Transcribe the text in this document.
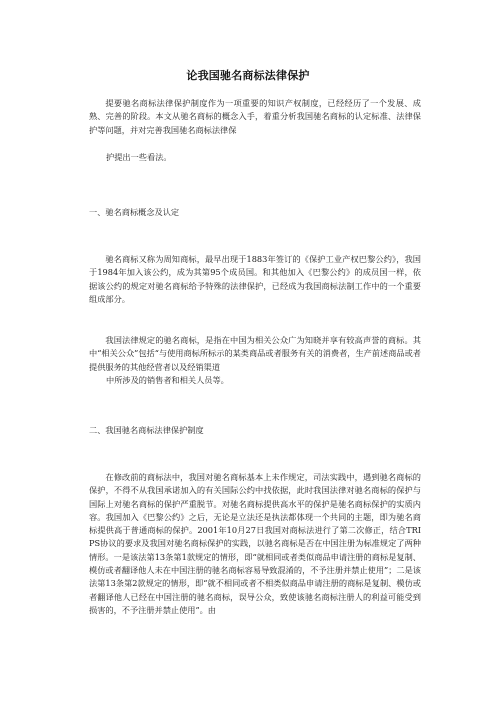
论我国驰名商标法律保护

提要驰名商标法律保护制度作为一项重要的知识产权制度，已经经历了一个发展、成熟、完善的阶段。本文从驰名商标的概念入手，着重分析我国驰名商标的认定标准、法律保护等问题，并对完善我国驰名商标法律保

护提出一些看法。

一、驰名商标概念及认定

驰名商标又称为周知商标，最早出现于1883年签订的《保护工业产权巴黎公约》，我国于1984年加入该公约，成为其第95个成员国。和其他加入《巴黎公约》的成员国一样，依据该公约的规定对驰名商标给予特殊的法律保护，已经成为我国商标法制工作中的一个重要组成部分。

我国法律规定的驰名商标，是指在中国为相关公众广为知晓并享有较高声誉的商标。其中“相关公众”包括“与使用商标所标示的某类商品或者服务有关的消费者，生产前述商品或者提供服务的其他经营者以及经销渠道

中所涉及的销售者和相关人员等。

二、我国驰名商标法律保护制度

在修改前的商标法中，我国对驰名商标基本上未作规定，司法实践中，遇到驰名商标的保护，不得不从我国承诺加入的有关国际公约中找依据，此时我国法律对驰名商标的保护与国际上对驰名商标的保护严重脱节。对驰名商标提供高水平的保护是驰名商标保护的实质内容。我国加入《巴黎公约》之后，无论是立法还是执法都体现一个共同的主题，即为驰名商标提供高于普通商标的保护。2001年10月27日我国对商标法进行了第二次修正，结合TRIPS协议的要求及我国对驰名商标保护的实践，以驰名商标是否在中国注册为标准规定了两种情形。一是该法第13条第1款规定的情形，即“就相同或者类似商品申请注册的商标是复制、模仿或者翻译他人未在中国注册的驰名商标容易导致混淆的，不予注册并禁止使用”；二是该法第13条第2款规定的情形，即“就不相同或者不相类似商品申请注册的商标是复制、模仿或者翻译他人已经在中国注册的驰名商标，误导公众，致使该驰名商标注册人的利益可能受到损害的，不予注册并禁止使用”。由
